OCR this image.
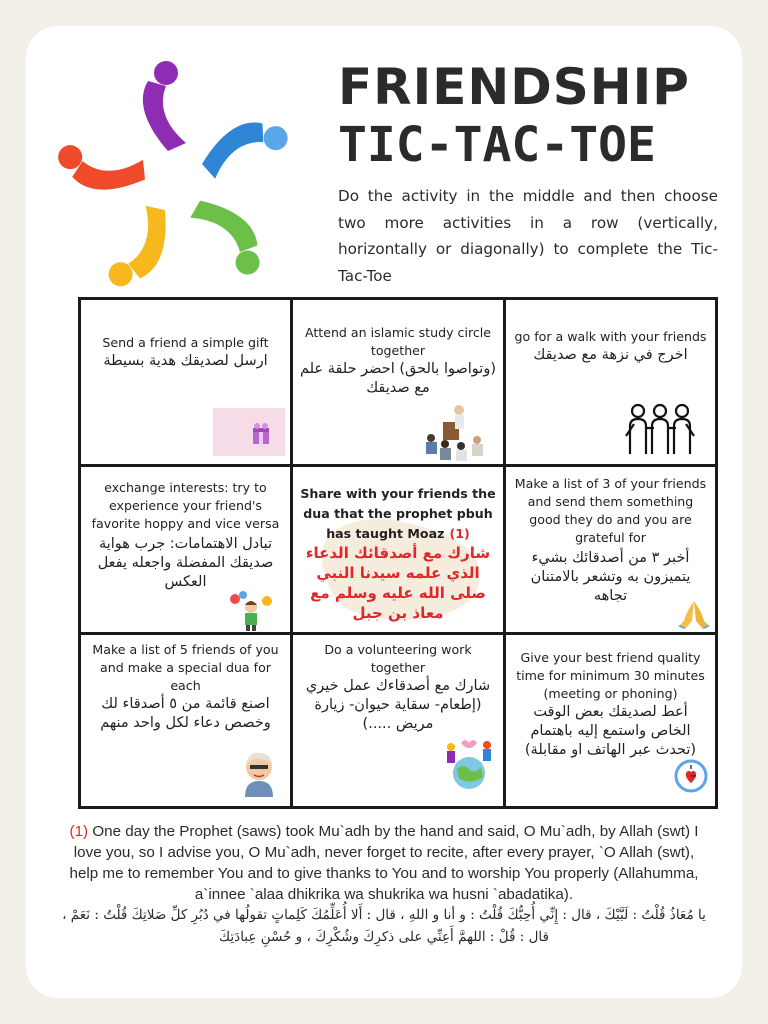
FRIENDSHIP
TIC-TAC-TOE
Do the activity in the middle and then choose two more activities in a row (vertically, horizontally or diagonally) to complete the Tic-Tac-Toe
Send a friend a simple gift
ارسل لصديقك هدية بسيطة
Attend an islamic study circle together
(وتواصوا بالحق) احضر حلقة علم مع صديقك
go for a walk with your friends
اخرج في نزهة مع صديقك
exchange interests: try to experience your friend's favorite hoppy and vice versa
تبادل الاهتمامات: جرب هواية صديقك المفضلة واجعله يفعل العكس
Share with your friends the dua that the prophet pbuh has taught Moaz (1)
شارك مع أصدقائك الدعاء الذي علمه سيدنا النبي صلى الله عليه وسلم مع معاذ بن جبل
Make a list of 3 of your friends and send them something good they do and you are grateful for
أخبر ٣ من أصدقائك بشيء يتميزون به وتشعر بالامتنان تجاهه
Make a list of 5 friends of you and make a special dua for each
اصنع قائمة من ٥ أصدقاء لك وخصص دعاء لكل واحد منهم
Do a volunteering work together
شارك مع أصدقاءك عمل خيري (إطعام- سقاية حيوان- زيارة مريض .....)
Give your best friend quality time for minimum 30 minutes (meeting or phoning)
أعط لصديقك بعض الوقت الخاص واستمع إليه باهتمام (تحدث عبر الهاتف او مقابلة)
(1) One day the Prophet (saws) took Mu`adh by the hand and said, O Mu`adh, by Allah (swt) I love you, so I advise you, O Mu`adh, never forget to recite, after every prayer, `O Allah (swt), help me to remember You and to give thanks to You and to worship You properly (Allahumma, a`innee `alaa dhikrika wa shukrika wa husni `abadatika).
يا مُعَاذُ قُلْتُ : لَبَّيْكَ ، قال : إِنِّي أُحِبُّكَ قُلْتُ : و أنا و اللهِ ، قال : أَلا أُعَلِّمُكَ كَلِماتٍ تقولُها في دُبُرِ كلِّ صَلاتِكَ قُلْتُ : نَعَمْ ، قال : قُلْ : اللهمَّ أَعِنِّي على ذكرِكَ وشُكْرِكَ ، و حُسْنِ عِبادَتِكَ
